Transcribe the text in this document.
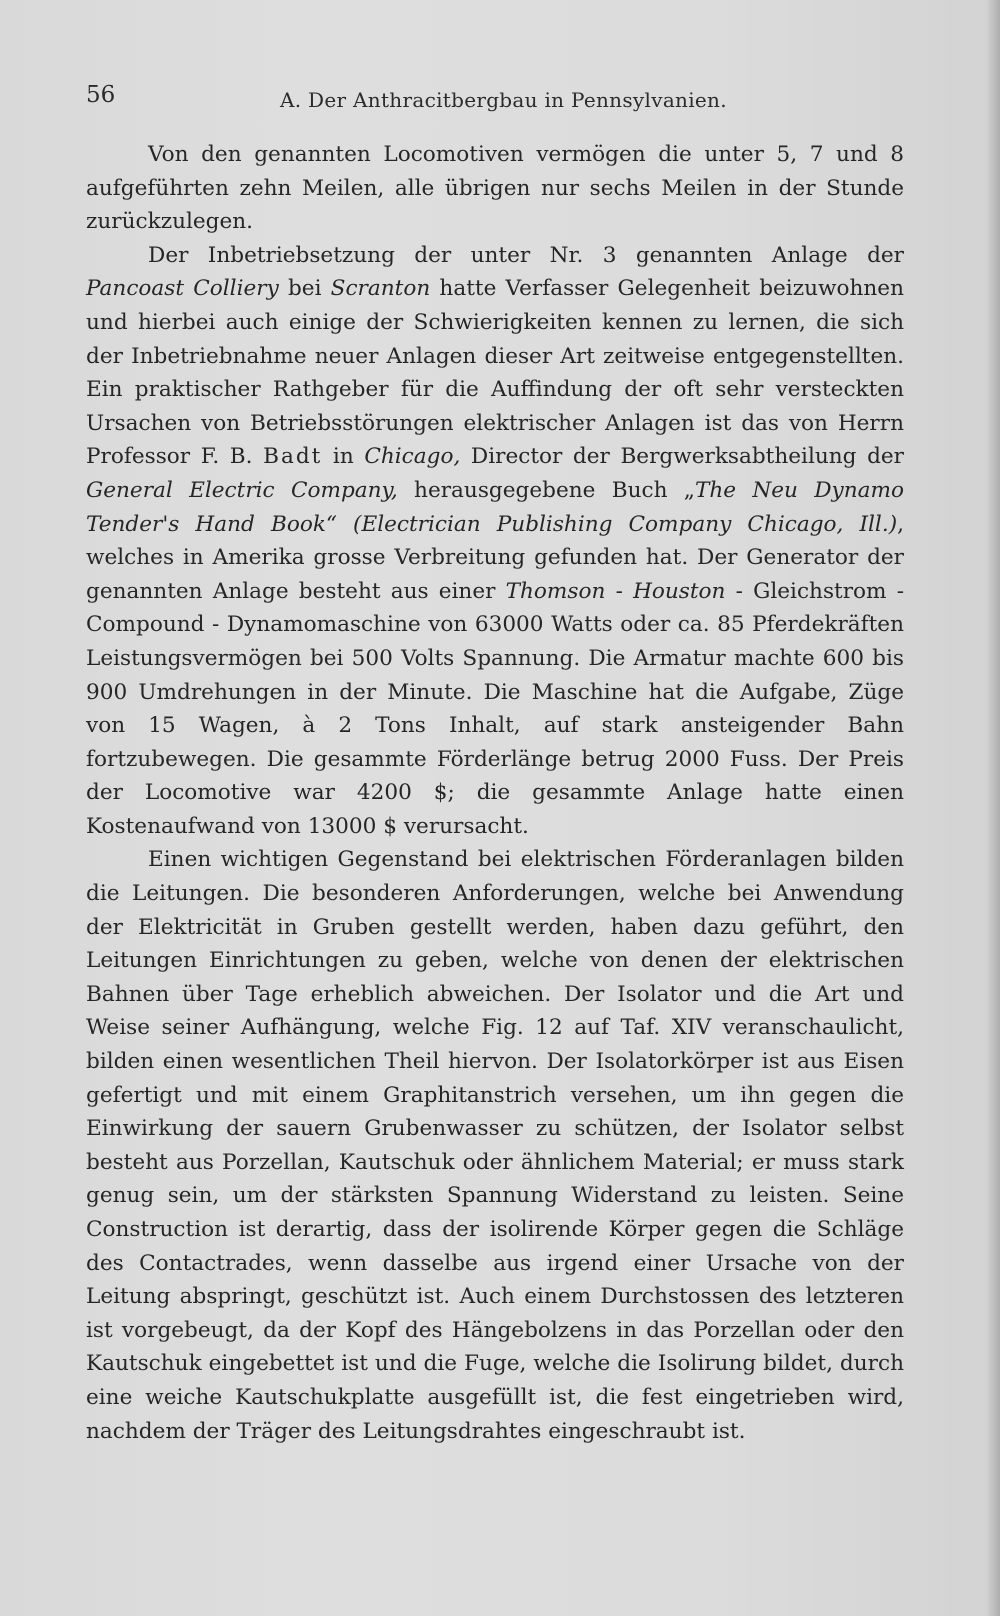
56	A. Der Anthracitbergbau in Pennsylvanien.

Von den genannten Locomotiven vermögen die unter 5, 7 und 8 aufgeführten zehn Meilen, alle übrigen nur sechs Meilen in der Stunde zurückzulegen.

Der Inbetriebsetzung der unter Nr. 3 genannten Anlage der Pancoast Colliery bei Scranton hatte Verfasser Gelegenheit beizuwohnen und hierbei auch einige der Schwierigkeiten kennen zu lernen, die sich der Inbetriebnahme neuer Anlagen dieser Art zeitweise entgegenstellten. Ein praktischer Rathgeber für die Auffindung der oft sehr versteckten Ursachen von Betriebsstörungen elektrischer Anlagen ist das von Herrn Professor F. B. Badt in Chicago, Director der Bergwerksabtheilung der General Electric Company, herausgegebene Buch „The Neu Dynamo Tender's Hand Book“ (Electrician Publishing Company Chicago, Ill.), welches in Amerika grosse Verbreitung gefunden hat. Der Generator der genannten Anlage besteht aus einer Thomson - Houston - Gleichstrom - Compound - Dynamomaschine von 63000 Watts oder ca. 85 Pferdekräften Leistungsvermögen bei 500 Volts Spannung. Die Armatur machte 600 bis 900 Umdrehungen in der Minute. Die Maschine hat die Aufgabe, Züge von 15 Wagen, à 2 Tons Inhalt, auf stark ansteigender Bahn fortzubewegen. Die gesammte Förderlänge betrug 2000 Fuss. Der Preis der Locomotive war 4200 $; die gesammte Anlage hatte einen Kostenaufwand von 13000 $ verursacht.

Einen wichtigen Gegenstand bei elektrischen Förderanlagen bilden die Leitungen. Die besonderen Anforderungen, welche bei Anwendung der Elektricität in Gruben gestellt werden, haben dazu geführt, den Leitungen Einrichtungen zu geben, welche von denen der elektrischen Bahnen über Tage erheblich abweichen. Der Isolator und die Art und Weise seiner Aufhängung, welche Fig. 12 auf Taf. XIV veranschaulicht, bilden einen wesentlichen Theil hiervon. Der Isolatorkörper ist aus Eisen gefertigt und mit einem Graphitanstrich versehen, um ihn gegen die Einwirkung der sauern Grubenwasser zu schützen, der Isolator selbst besteht aus Porzellan, Kautschuk oder ähnlichem Material; er muss stark genug sein, um der stärksten Spannung Widerstand zu leisten. Seine Construction ist derartig, dass der isolirende Körper gegen die Schläge des Contactrades, wenn dasselbe aus irgend einer Ursache von der Leitung abspringt, geschützt ist. Auch einem Durchstossen des letzteren ist vorgebeugt, da der Kopf des Hängebolzens in das Porzellan oder den Kautschuk eingebettet ist und die Fuge, welche die Isolirung bildet, durch eine weiche Kautschukplatte ausgefüllt ist, die fest eingetrieben wird, nachdem der Träger des Leitungsdrahtes eingeschraubt ist.
